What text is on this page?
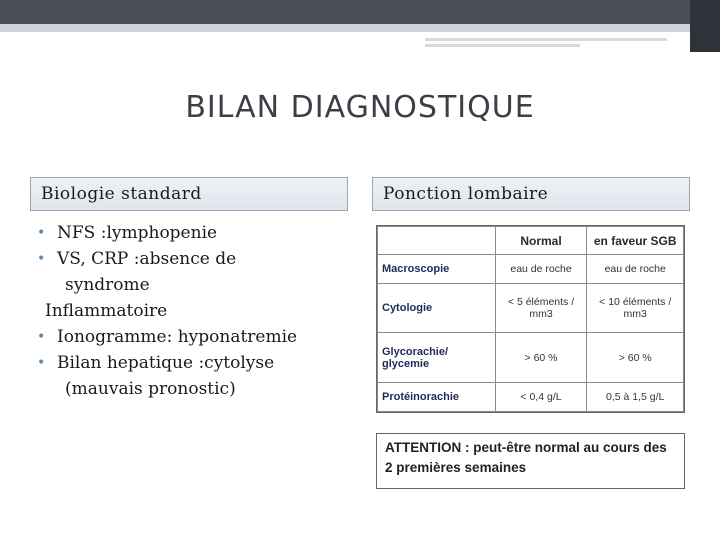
BILAN DIAGNOSTIQUE
Biologie standard	Ponction lombaire
• NFS :lymphopenie
• VS, CRP :absence de
syndrome
Inflammatoire
• Ionogramme: hyponatremie
• Bilan hepatique :cytolyse
(mauvais pronostic)
	Normal	en faveur SGB
Macroscopie	eau de roche	eau de roche
Cytologie	< 5 éléments / mm3	< 10 éléments / mm3
Glycorachie/ glycemie	> 60 %	> 60 %
Protéinorachie	< 0,4 g/L	0,5 à 1,5 g/L
ATTENTION : peut-être normal au cours des 2 premières semaines
